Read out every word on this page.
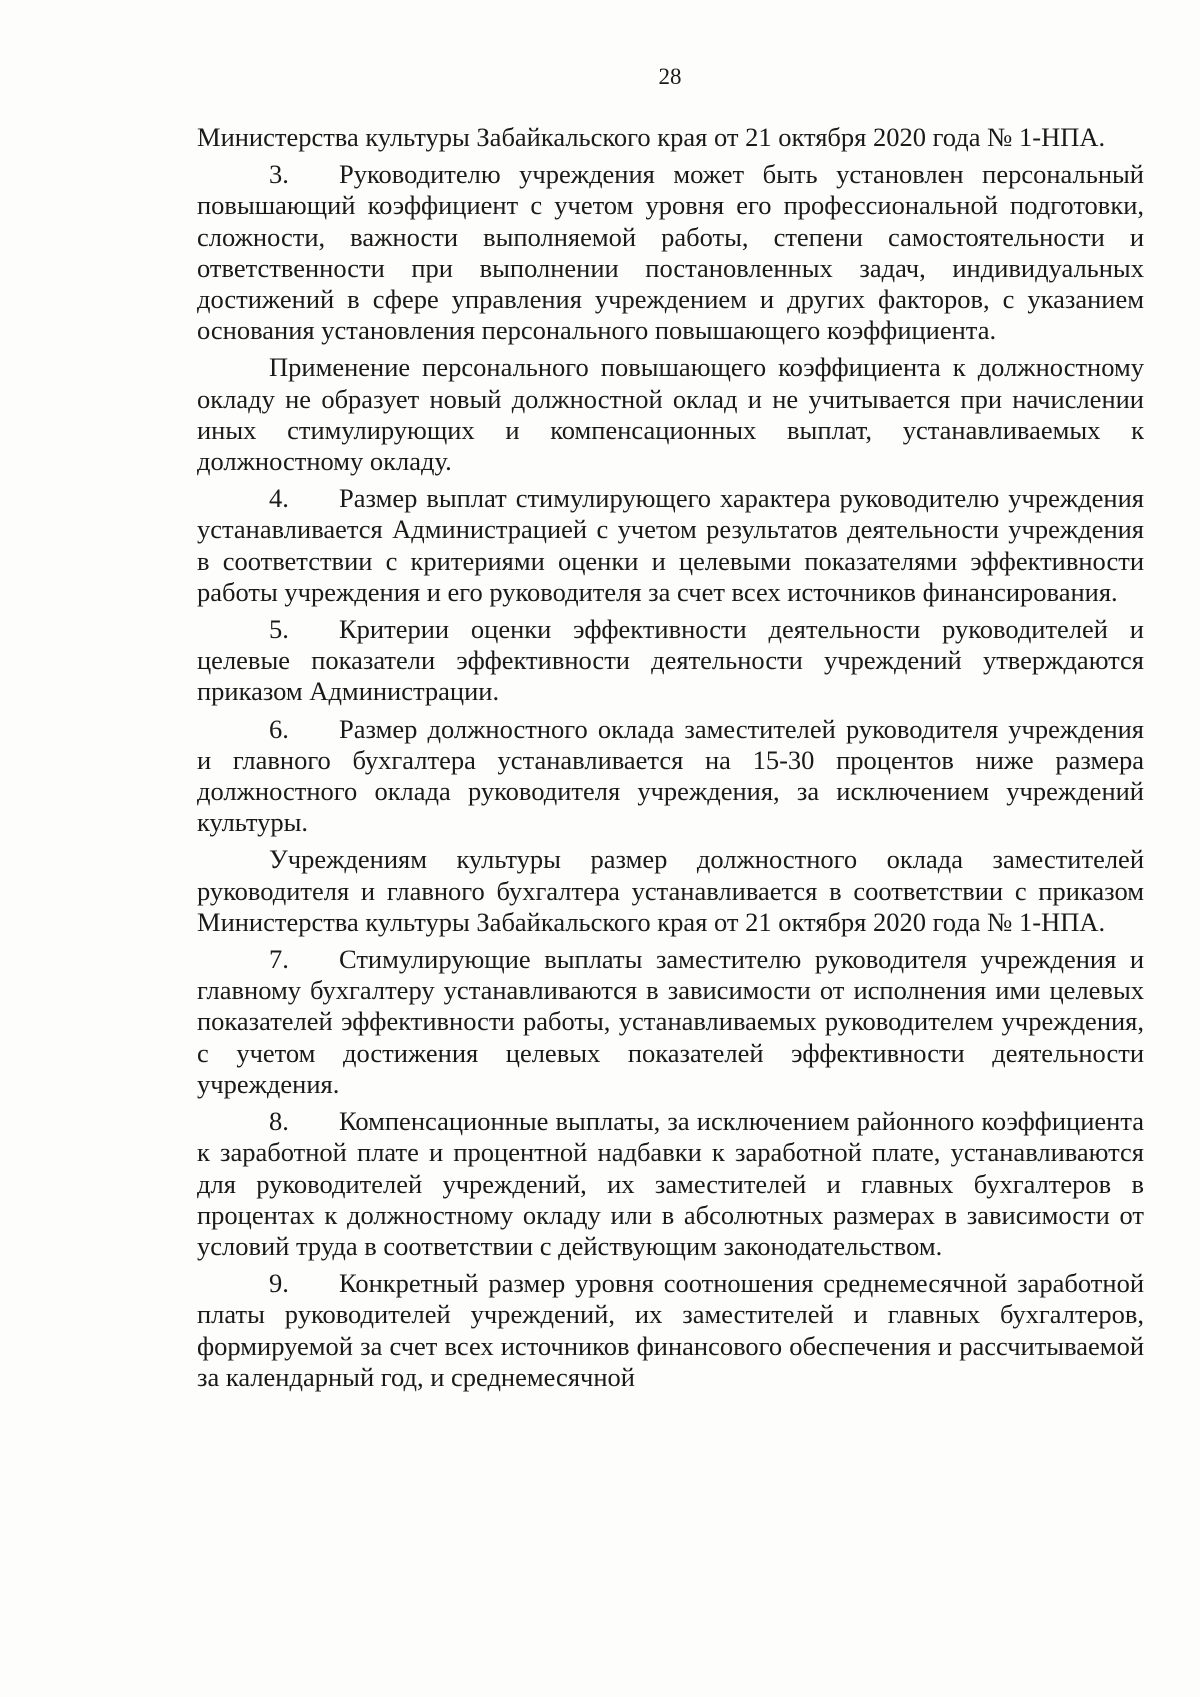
28

Министерства культуры Забайкальского края от 21 октября 2020 года № 1-НПА.

3. Руководителю учреждения может быть установлен персональный повышающий коэффициент с учетом уровня его профессиональной подготовки, сложности, важности выполняемой работы, степени самостоятельности и ответственности при выполнении постановленных задач, индивидуальных достижений в сфере управления учреждением и других факторов, с указанием основания установления персонального повышающего коэффициента.

Применение персонального повышающего коэффициента к должностному окладу не образует новый должностной оклад и не учитывается при начислении иных стимулирующих и компенсационных выплат, устанавливаемых к должностному окладу.

4. Размер выплат стимулирующего характера руководителю учреждения устанавливается Администрацией с учетом результатов деятельности учреждения в соответствии с критериями оценки и целевыми показателями эффективности работы учреждения и его руководителя за счет всех источников финансирования.

5. Критерии оценки эффективности деятельности руководителей и целевые показатели эффективности деятельности учреждений утверждаются приказом Администрации.

6. Размер должностного оклада заместителей руководителя учреждения и главного бухгалтера устанавливается на 15-30 процентов ниже размера должностного оклада руководителя учреждения, за исключением учреждений культуры.

Учреждениям культуры размер должностного оклада заместителей руководителя и главного бухгалтера устанавливается в соответствии с приказом Министерства культуры Забайкальского края от 21 октября 2020 года № 1-НПА.

7. Стимулирующие выплаты заместителю руководителя учреждения и главному бухгалтеру устанавливаются в зависимости от исполнения ими целевых показателей эффективности работы, устанавливаемых руководителем учреждения, с учетом достижения целевых показателей эффективности деятельности учреждения.

8. Компенсационные выплаты, за исключением районного коэффициента к заработной плате и процентной надбавки к заработной плате, устанавливаются для руководителей учреждений, их заместителей и главных бухгалтеров в процентах к должностному окладу или в абсолютных размерах в зависимости от условий труда в соответствии с действующим законодательством.

9. Конкретный размер уровня соотношения среднемесячной заработной платы руководителей учреждений, их заместителей и главных бухгалтеров, формируемой за счет всех источников финансового обеспечения и рассчитываемой за календарный год, и среднемесячной
